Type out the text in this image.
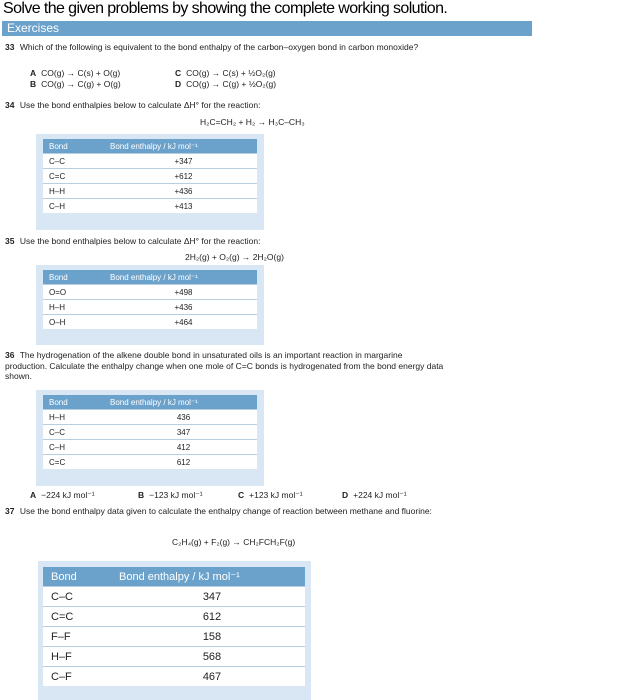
Solve the given problems by showing the complete working solution.
Exercises
33 Which of the following is equivalent to the bond enthalpy of the carbon–oxygen bond in carbon monoxide?
A CO(g) → C(s) + O(g)	C CO(g) → C(s) + ½O₂(g)
B CO(g) → C(g) + O(g)	D CO(g) → C(g) + ½O₂(g)
34 Use the bond enthalpies below to calculate ΔH° for the reaction:
H₂C=CH₂ + H₂ → H₃C–CH₃
Bond	Bond enthalpy / kJ mol⁻¹
C–C	+347
C=C	+612
H–H	+436
C–H	+413
35 Use the bond enthalpies below to calculate ΔH° for the reaction:
2H₂(g) + O₂(g) → 2H₂O(g)
Bond	Bond enthalpy / kJ mol⁻¹
O=O	+498
H–H	+436
O–H	+464
36 The hydrogenation of the alkene double bond in unsaturated oils is an important reaction in margarine production. Calculate the enthalpy change when one mole of C=C bonds is hydrogenated from the bond energy data shown.
Bond	Bond enthalpy / kJ mol⁻¹
H–H	436
C–C	347
C–H	412
C=C	612
A −224 kJ mol⁻¹	B −123 kJ mol⁻¹	C +123 kJ mol⁻¹	D +224 kJ mol⁻¹
37 Use the bond enthalpy data given to calculate the enthalpy change of reaction between methane and fluorine:
C₂H₄(g) + F₂(g) → CH₂FCH₂F(g)
Bond	Bond enthalpy / kJ mol⁻¹
C–C	347
C=C	612
F–F	158
H–F	568
C–F	467
